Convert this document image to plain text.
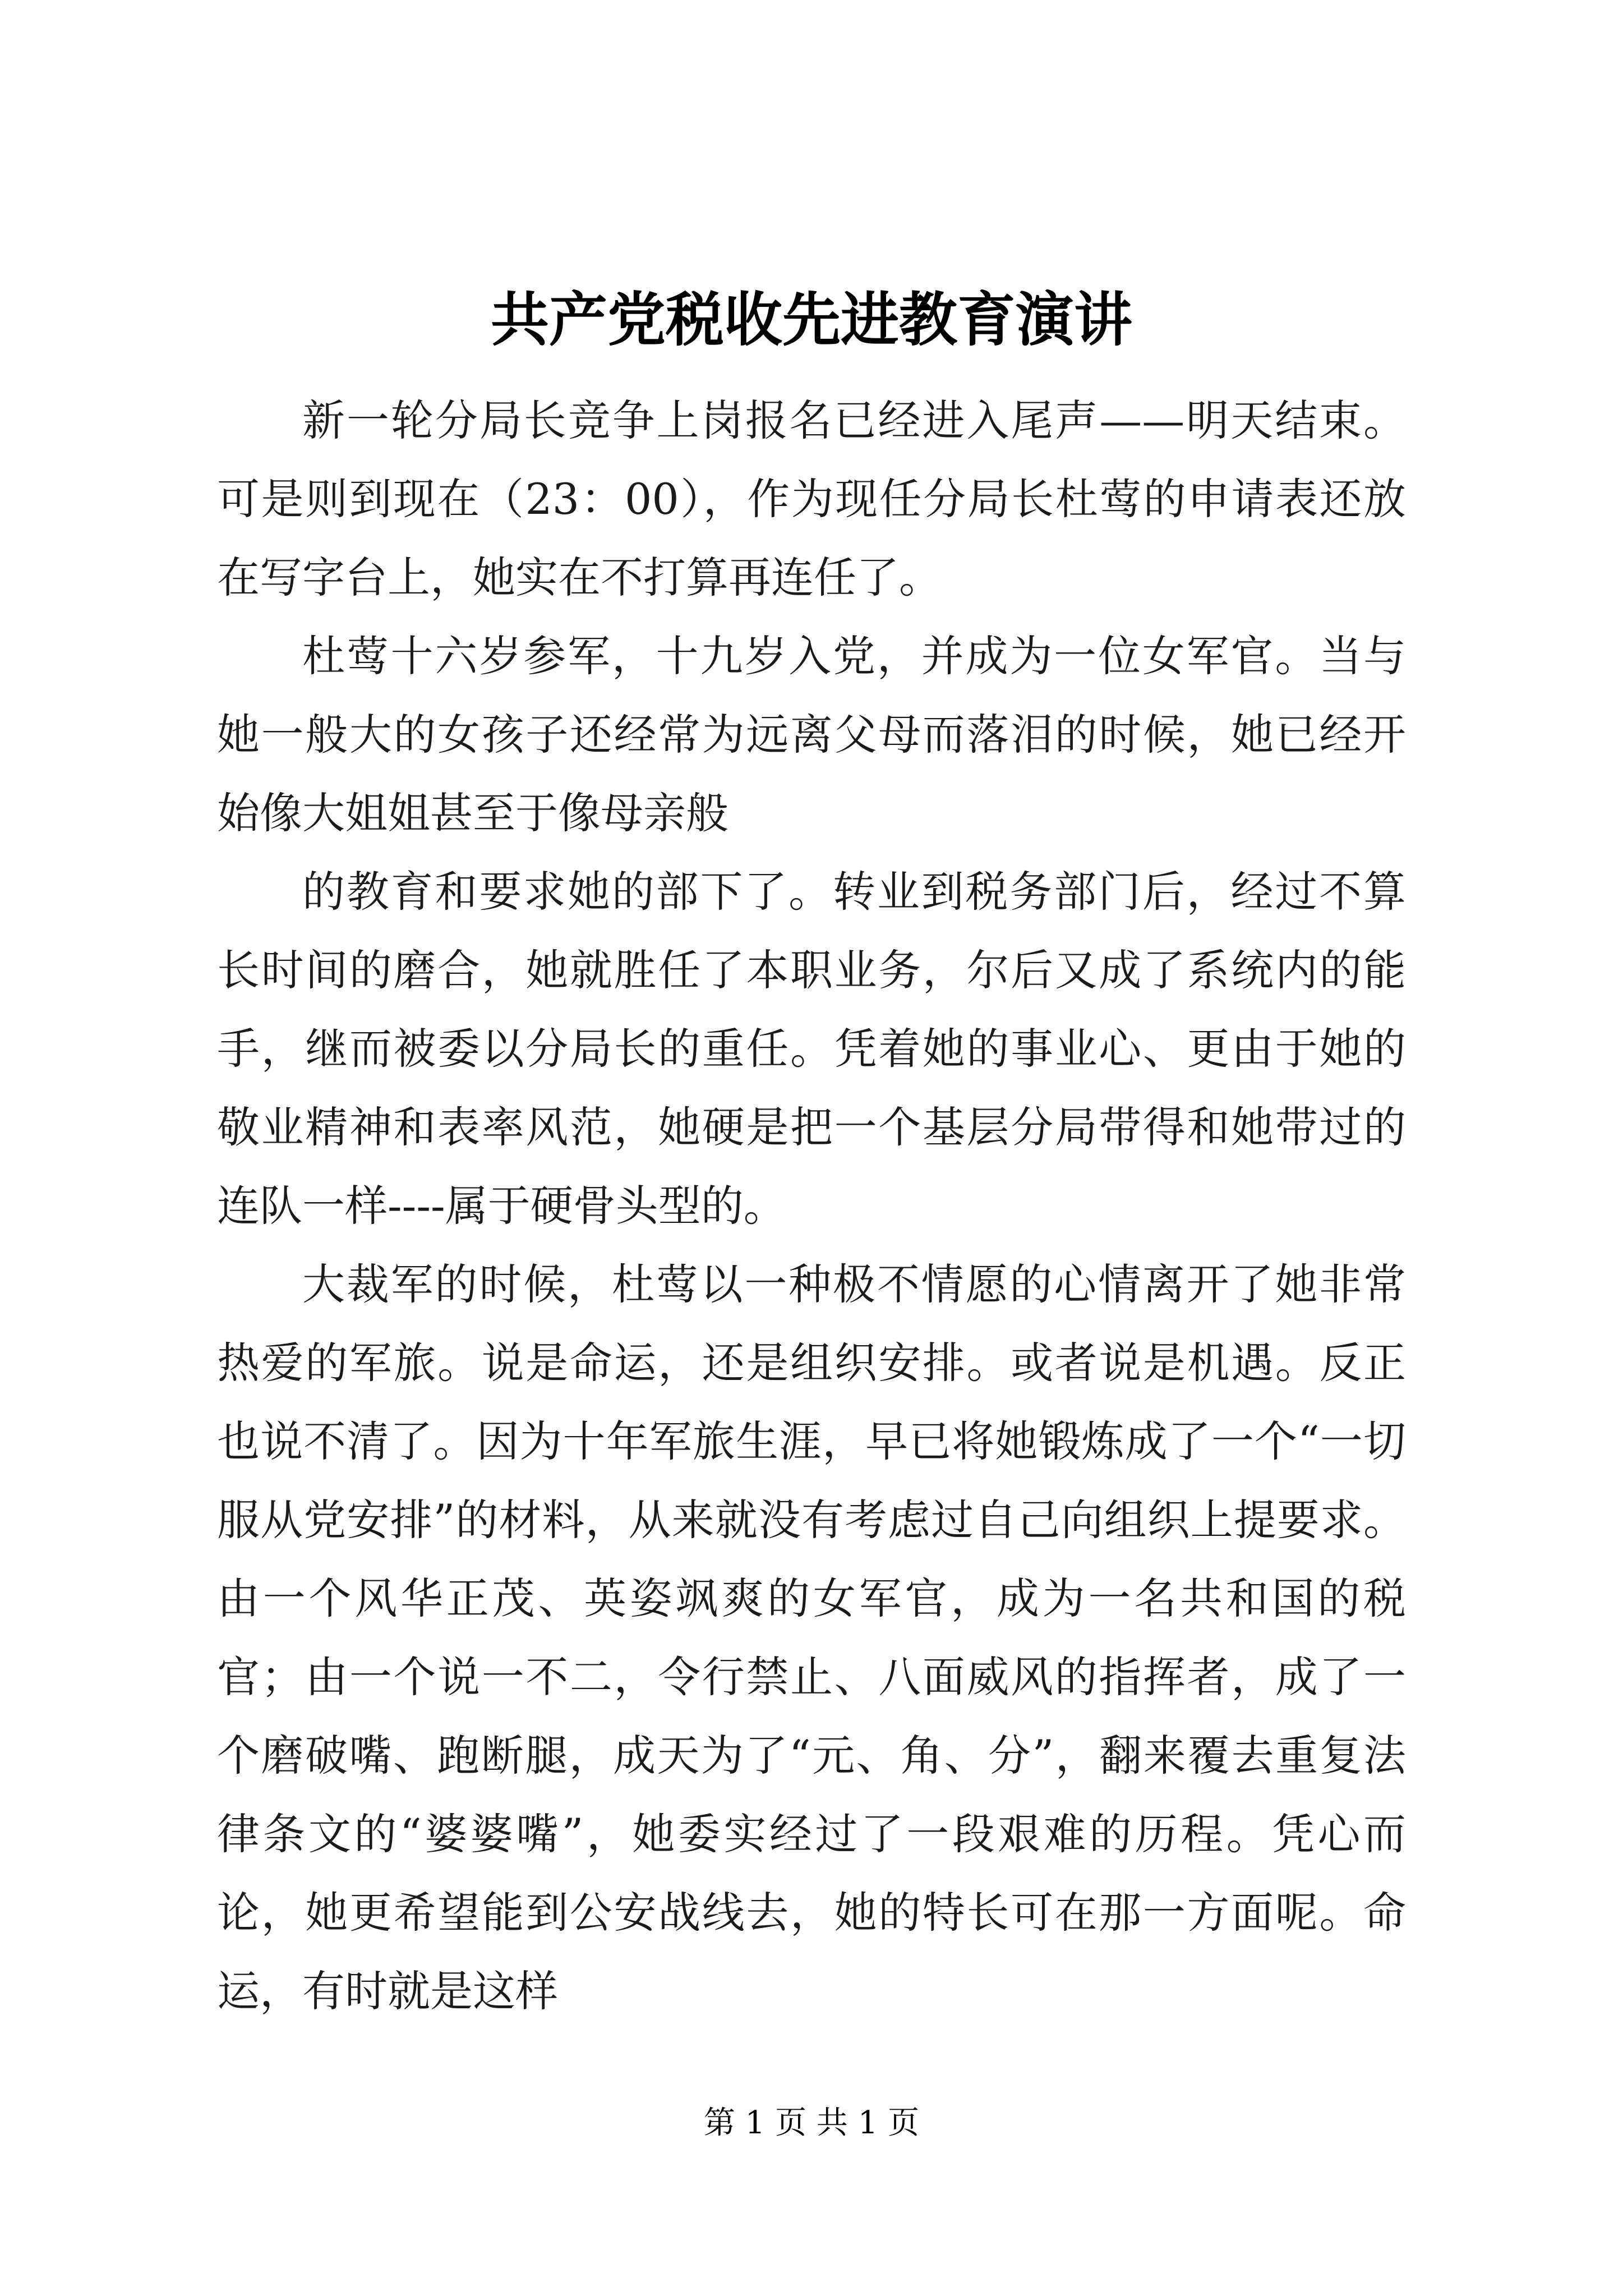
共产党税收先进教育演讲

新一轮分局长竞争上岗报名已经进入尾声——明天结束。可是则到现在（23：00），作为现任分局长杜莺的申请表还放在写字台上，她实在不打算再连任了。

杜莺十六岁参军，十九岁入党，并成为一位女军官。当与她一般大的女孩子还经常为远离父母而落泪的时候，她已经开始像大姐姐甚至于像母亲般

的教育和要求她的部下了。转业到税务部门后，经过不算长时间的磨合，她就胜任了本职业务，尔后又成了系统内的能手，继而被委以分局长的重任。凭着她的事业心、更由于她的敬业精神和表率风范，她硬是把一个基层分局带得和她带过的连队一样----属于硬骨头型的。

大裁军的时候，杜莺以一种极不情愿的心情离开了她非常热爱的军旅。说是命运，还是组织安排。或者说是机遇。反正也说不清了。因为十年军旅生涯，早已将她锻炼成了一个“一切服从党安排”的材料，从来就没有考虑过自己向组织上提要求。由一个风华正茂、英姿飒爽的女军官，成为一名共和国的税官；由一个说一不二，令行禁止、八面威风的指挥者，成了一个磨破嘴、跑断腿，成天为了“元、角、分”，翻来覆去重复法律条文的“婆婆嘴”，她委实经过了一段艰难的历程。凭心而论，她更希望能到公安战线去，她的特长可在那一方面呢。命运，有时就是这样

第 1 页 共 1 页
